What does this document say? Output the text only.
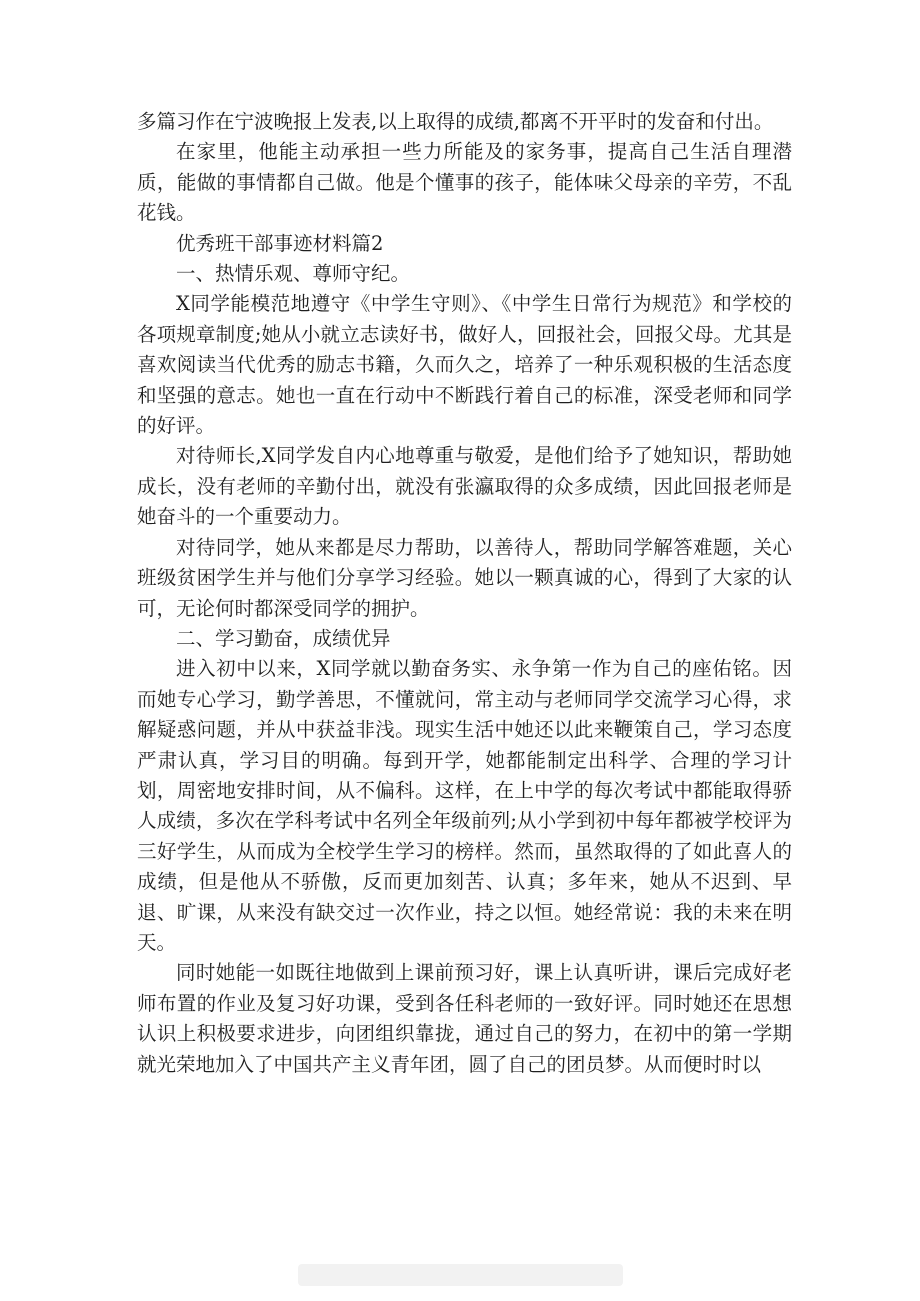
多篇习作在宁波晚报上发表,以上取得的成绩,都离不开平时的发奋和付出。

在家里，他能主动承担一些力所能及的家务事，提高自己生活自理潜质，能做的事情都自己做。他是个懂事的孩子，能体味父母亲的辛劳，不乱花钱。

优秀班干部事迹材料篇2

一、热情乐观、尊师守纪。

X同学能模范地遵守《中学生守则》、《中学生日常行为规范》和学校的各项规章制度;她从小就立志读好书，做好人，回报社会，回报父母。尤其是喜欢阅读当代优秀的励志书籍，久而久之，培养了一种乐观积极的生活态度和坚强的意志。她也一直在行动中不断践行着自己的标准，深受老师和同学的好评。

对待师长,X同学发自内心地尊重与敬爱，是他们给予了她知识，帮助她成长，没有老师的辛勤付出，就没有张瀛取得的众多成绩，因此回报老师是她奋斗的一个重要动力。

对待同学，她从来都是尽力帮助，以善待人，帮助同学解答难题，关心班级贫困学生并与他们分享学习经验。她以一颗真诚的心，得到了大家的认可，无论何时都深受同学的拥护。

二、学习勤奋，成绩优异

进入初中以来，X同学就以勤奋务实、永争第一作为自己的座佑铭。因而她专心学习，勤学善思，不懂就问，常主动与老师同学交流学习心得，求解疑惑问题，并从中获益非浅。现实生活中她还以此来鞭策自己，学习态度严肃认真，学习目的明确。每到开学，她都能制定出科学、合理的学习计划，周密地安排时间，从不偏科。这样，在上中学的每次考试中都能取得骄人成绩，多次在学科考试中名列全年级前列;从小学到初中每年都被学校评为三好学生，从而成为全校学生学习的榜样。然而，虽然取得的了如此喜人的成绩，但是他从不骄傲，反而更加刻苦、认真；多年来，她从不迟到、早退、旷课，从来没有缺交过一次作业，持之以恒。她经常说：我的未来在明天。

同时她能一如既往地做到上课前预习好，课上认真听讲，课后完成好老师布置的作业及复习好功课，受到各任科老师的一致好评。同时她还在思想认识上积极要求进步，向团组织靠拢，通过自己的努力，在初中的第一学期就光荣地加入了中国共产主义青年团，圆了自己的团员梦。从而便时时以
